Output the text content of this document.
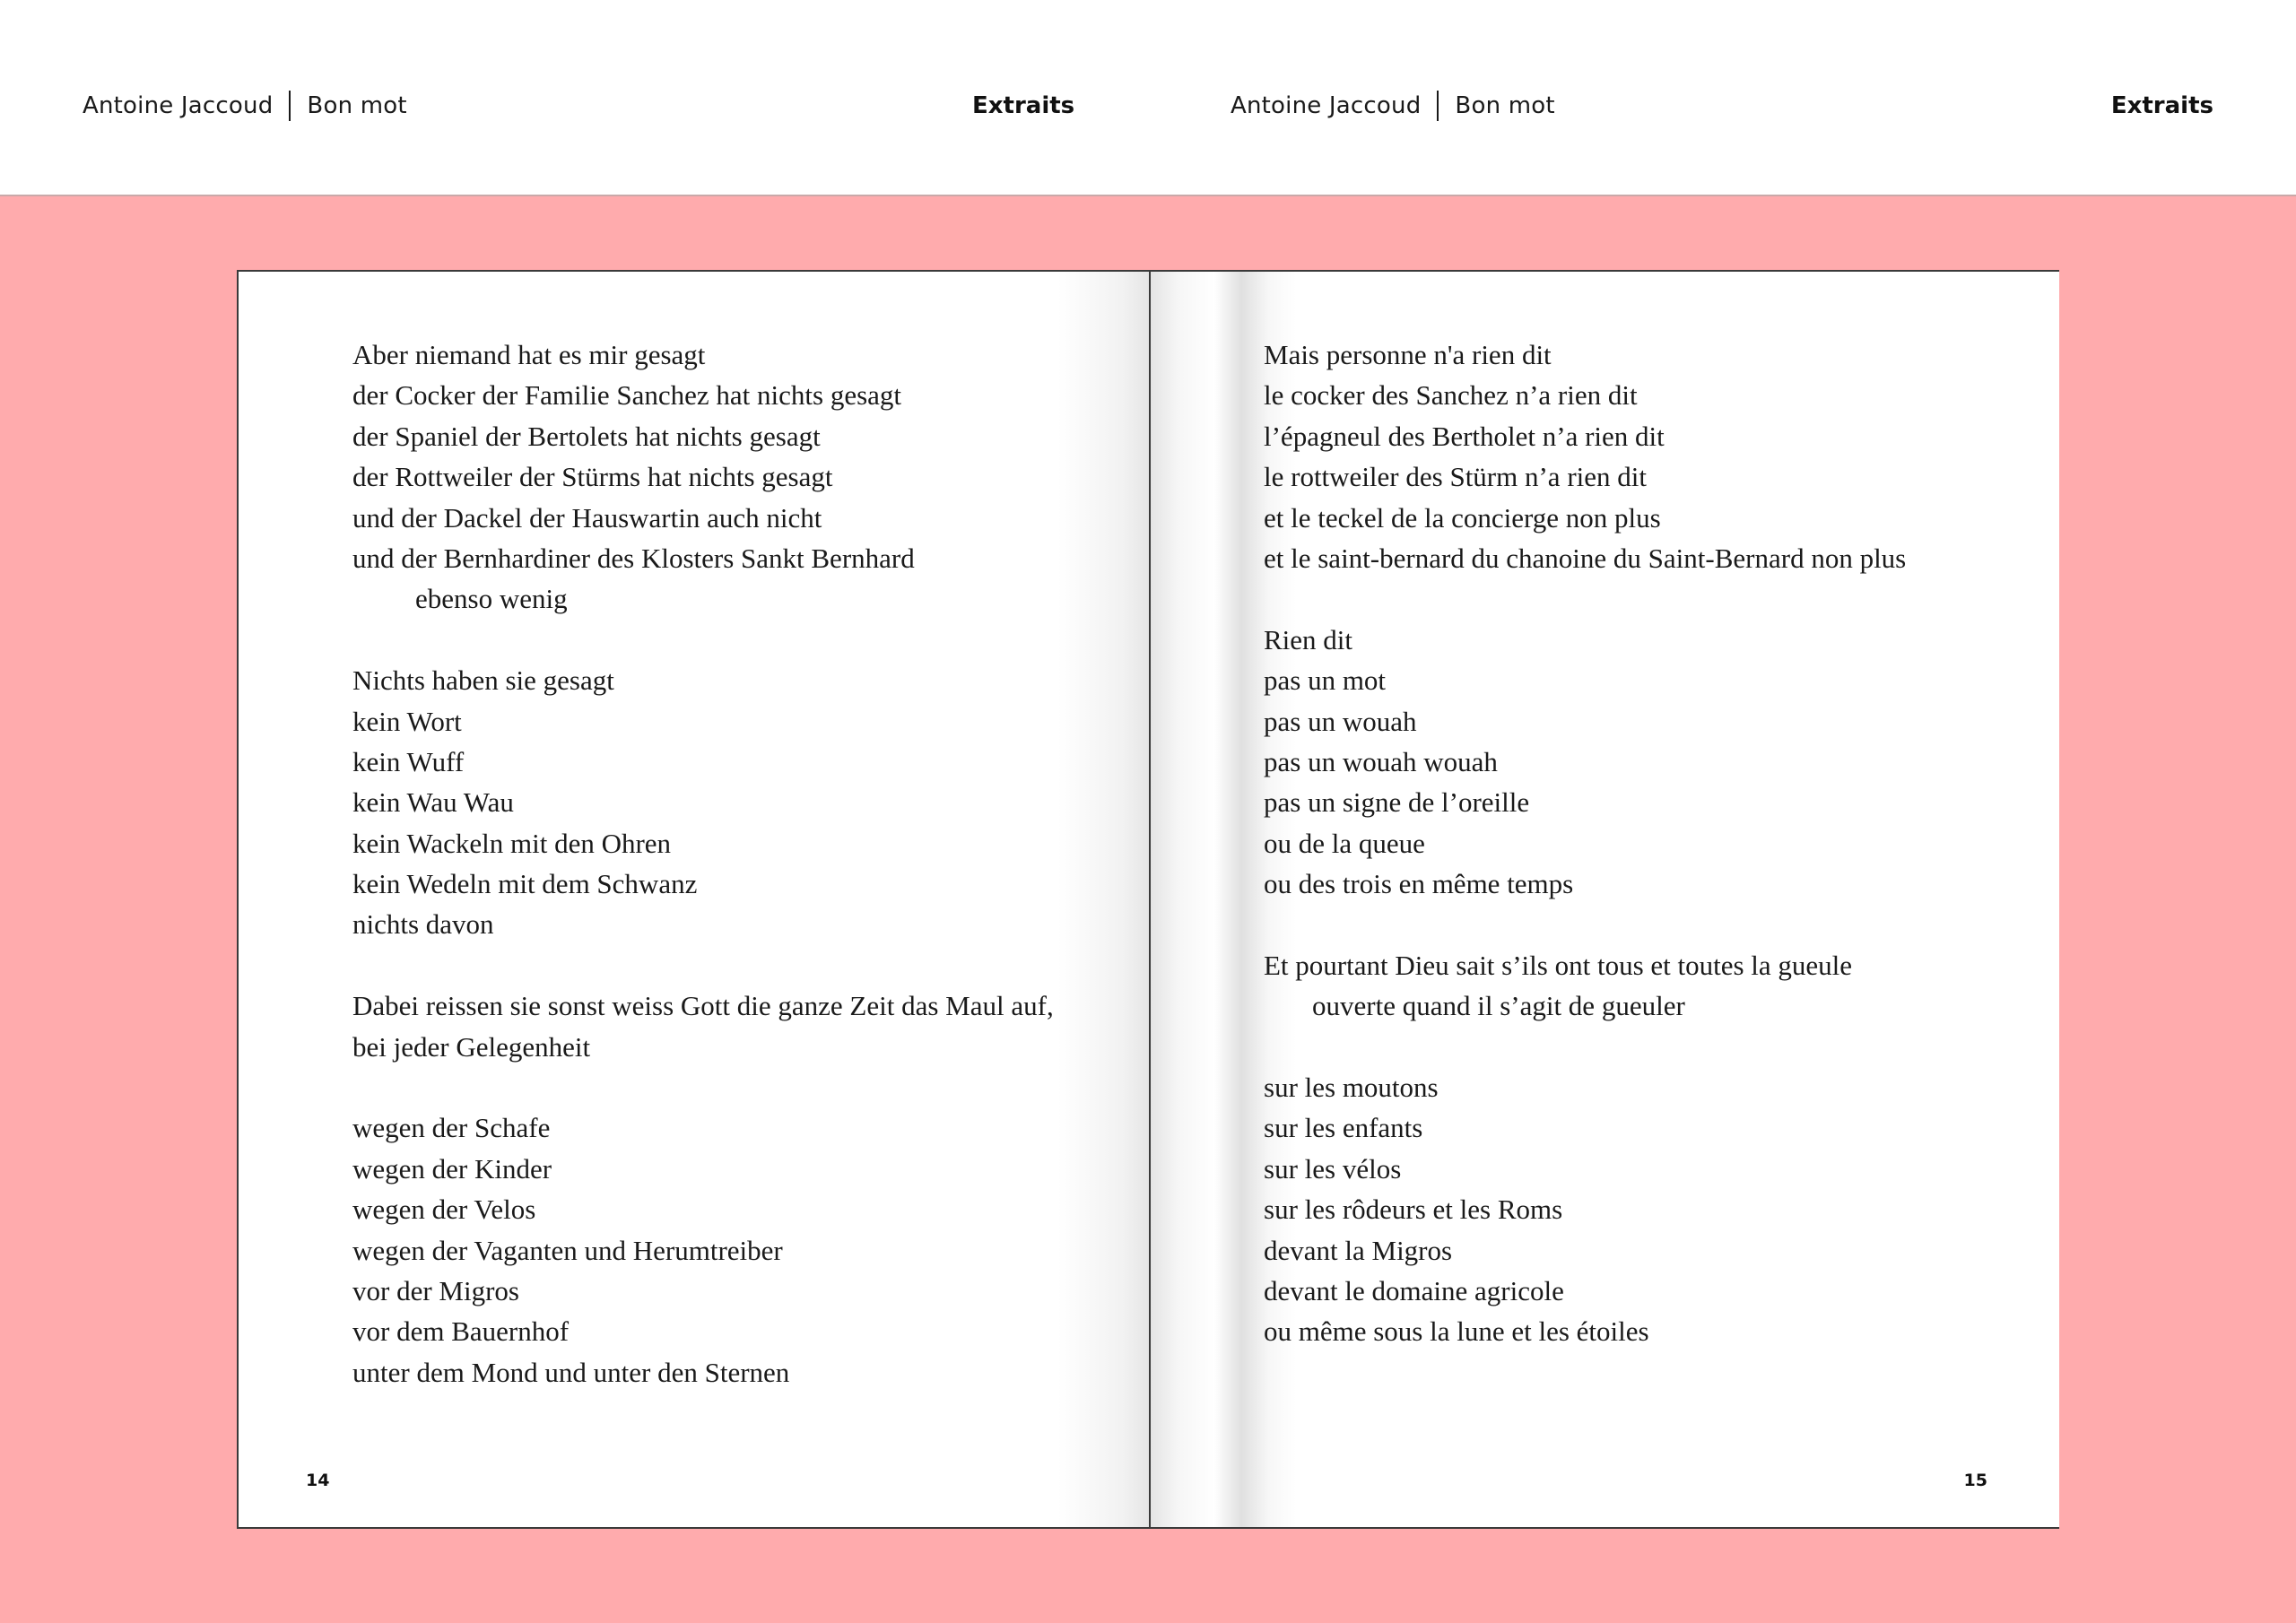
Antoine Jaccoud Bon mot	Extraits	Antoine Jaccoud Bon mot	Extraits
Aber niemand hat es mir gesagt
der Cocker der Familie Sanchez hat nichts gesagt
der Spaniel der Bertolets hat nichts gesagt
der Rottweiler der Stürms hat nichts gesagt
und der Dackel der Hauswartin auch nicht
und der Bernhardiner des Klosters Sankt Bernhard
ebenso wenig
Nichts haben sie gesagt
kein Wort
kein Wuff
kein Wau Wau
kein Wackeln mit den Ohren
kein Wedeln mit dem Schwanz
nichts davon
Dabei reissen sie sonst weiss Gott die ganze Zeit das Maul auf,
bei jeder Gelegenheit
wegen der Schafe
wegen der Kinder
wegen der Velos
wegen der Vaganten und Herumtreiber
vor der Migros
vor dem Bauernhof
unter dem Mond und unter den Sternen
14
Mais personne n'a rien dit
le cocker des Sanchez n’a rien dit
l’épagneul des Bertholet n’a rien dit
le rottweiler des Stürm n’a rien dit
et le teckel de la concierge non plus
et le saint-bernard du chanoine du Saint-Bernard non plus
Rien dit
pas un mot
pas un wouah
pas un wouah wouah
pas un signe de l’oreille
ou de la queue
ou des trois en même temps
Et pourtant Dieu sait s’ils ont tous et toutes la gueule
ouverte quand il s’agit de gueuler
sur les moutons
sur les enfants
sur les vélos
sur les rôdeurs et les Roms
devant la Migros
devant le domaine agricole
ou même sous la lune et les étoiles
15
